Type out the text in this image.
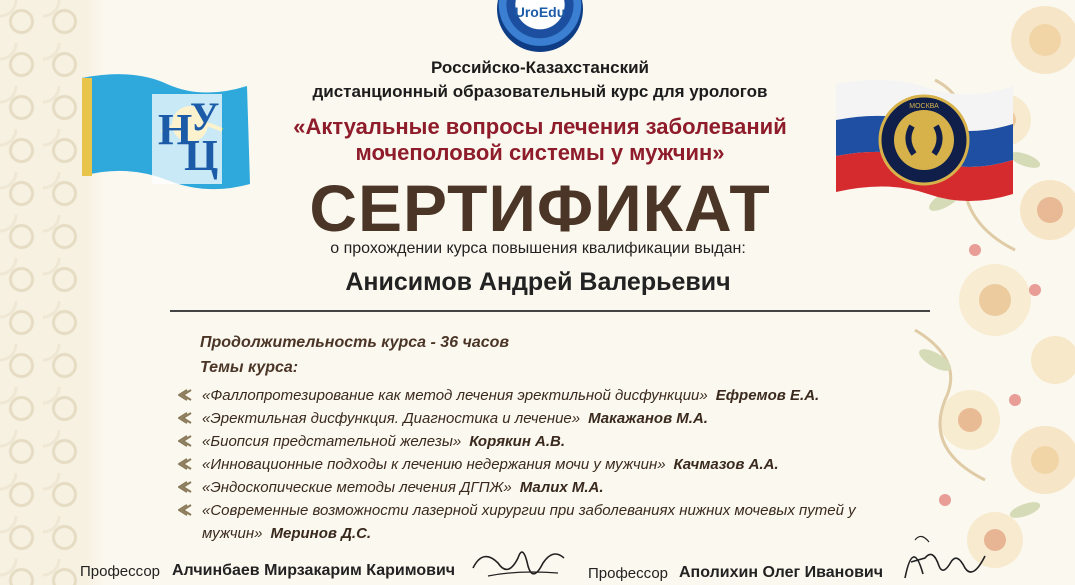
UroEdu
Н
Ц
У	МОСКВА
Российско-Казахстанский
дистанционный образовательный курс для урологов
«Актуальные вопросы лечения заболеваний
мочеполовой системы у мужчин»
СЕРТИФИКАТ
о прохождении курса повышения квалификации выдан:
Анисимов Андрей Валерьевич
Продолжительность курса - 36 часов
Темы курса:
«Фаллопротезирование как метод лечения эректильной дисфункции» Ефремов Е.А.
«Эректильная дисфункция. Диагностика и лечение» Макажанов М.А.
«Биопсия предстательной железы» Корякин А.В.
«Инновационные подходы к лечению недержания мочи у мужчин» Качмазов А.А.
«Эндоскопические методы лечения ДГПЖ» Малих М.А.
«Современные возможности лазерной хирургии при заболеваниях нижних мочевых путей у мужчин» Меринов Д.С.
Профессор Алчинбаев Мирзакарим Каримович	Профессор Аполихин Олег Иванович
